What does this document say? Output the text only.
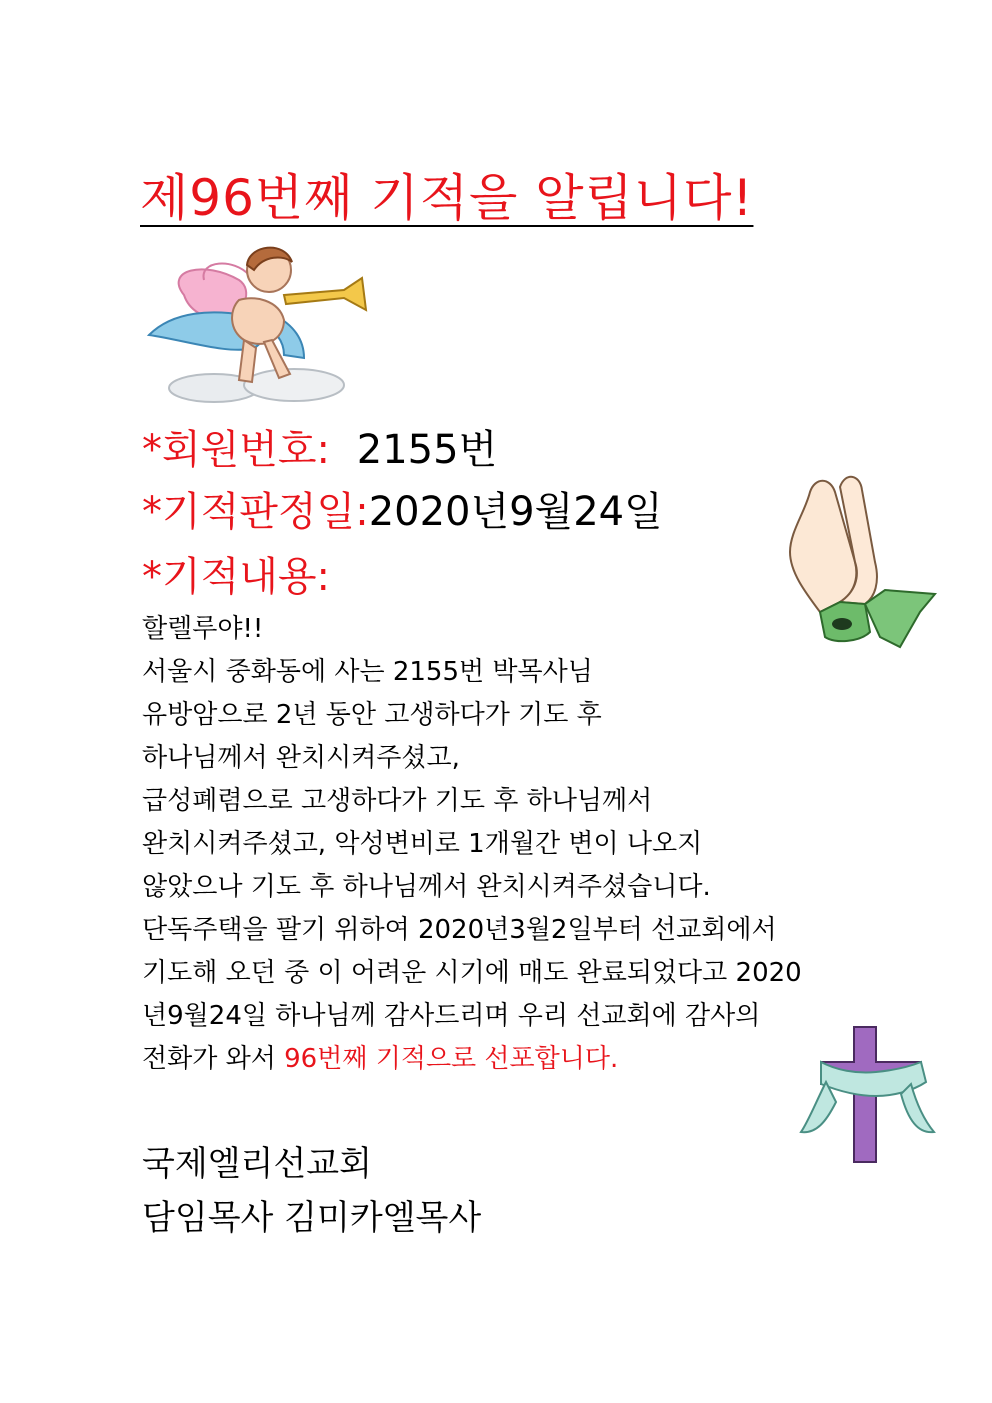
제96번째 기적을 알립니다!
*회원번호: 2155번
*기적판정일:2020년9월24일
*기적내용:
할렐루야!!
서울시 중화동에 사는 2155번 박목사님
유방암으로 2년 동안 고생하다가 기도 후
하나님께서 완치시켜주셨고,
급성폐렴으로 고생하다가 기도 후 하나님께서
완치시켜주셨고, 악성변비로 1개월간 변이 나오지
않았으나 기도 후 하나님께서 완치시켜주셨습니다.
단독주택을 팔기 위하여 2020년3월2일부터 선교회에서
기도해 오던 중 이 어려운 시기에 매도 완료되었다고 2020
년9월24일 하나님께 감사드리며 우리 선교회에 감사의
전화가 와서 96번째 기적으로 선포합니다.
국제엘리선교회
담임목사 김미카엘목사
